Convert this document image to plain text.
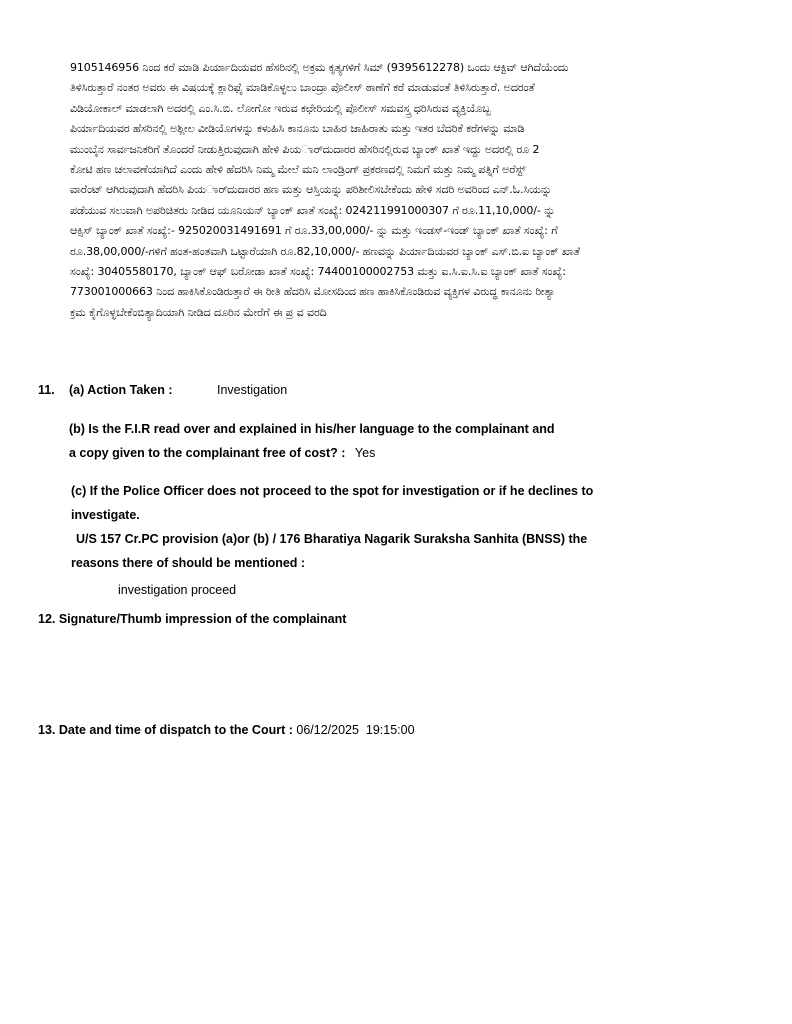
9105146956 ನಿಂದ ಕರೆ ಮಾಡಿ ಪಿರ್ಯಾದಿಯವರ ಹೆಸರಿನಲ್ಲಿ ಅಕ್ರಮ ಕೃತ್ಯಗಳಿಗೆ ಸಿಮ್ (9395612278) ಒಂದು ಆಕ್ಟಿವ್ ಆಗಿದೆಯೆಂದು
ತಿಳಿಸಿರುತ್ತಾರೆ ನಂತರ ಅವರು ಈ ವಿಷಯಕ್ಕೆ ಕ್ಲಾರಿಫೈ ಮಾಡಿಕೊಳ್ಳಲು ಬಾಂದ್ರಾ ಪೊಲೀಸ್ ಠಾಣೆಗೆ ಕರೆ ಮಾಡುವಂತೆ ತಿಳಿಸಿರುತ್ತಾರೆ. ಅದರಂತೆ
ವಿಡಿಯೋಕಾಲ್ ಮಾಡಲಾಗಿ ಅದರಲ್ಲಿ ಎಂ.ಸಿ.ಬಿ. ಲೋಗೋ ಇರುವ ಕಛೇರಿಯಲ್ಲಿ ಪೊಲೀಸ್ ಸಮವಸ್ತ್ರ ಧರಿಸಿರುವ ವ್ಯಕ್ತಿಯೊಬ್ಬ
ಪಿರ್ಯಾದಿಯವರ ಹೆಸರಿನಲ್ಲಿ ಅಶ್ಲೀಲ ವೀಡಿಯೊಗಳನ್ನು ಕಳುಹಿಸಿ ಕಾನೂನು ಬಾಹಿರ ಜಾಹಿರಾತು ಮತ್ತು ಇತರ ಬೆದರಿಕೆ ಕರೆಗಳನ್ನು ಮಾಡಿ
ಮುಂಬೈನ ಸಾರ್ವಜನಿಕರಿಗೆ ತೊಂದರೆ ನೀಡುತ್ತಿರುವುದಾಗಿ ಹೇಳಿ ಪಿಯರ್‌ಾದುದಾರರ ಹೆಸರಿನಲ್ಲಿರುವ ಬ್ಯಾಂಕ್ ಖಾತೆ ಇದ್ದು ಅದರಲ್ಲಿ ರೂ 2
ಕೋಟಿ ಹಣ ಚಲಾವಣೆಯಾಗಿದೆ ಎಂದು ಹೇಳಿ ಹೆದರಿಸಿ ನಿಮ್ಮ ಮೇಲೆ ಮನಿ ಲಾಂಡ್ರಿಂಗ್ ಪ್ರಕರಣದಲ್ಲಿ ನಿಮಗೆ ಮತ್ತು ನಿಮ್ಮ ಪತ್ನಿಗೆ ಅರೆಸ್ಟ್
ವಾರೆಂಟ್ ಆಗಿರುವುದಾಗಿ ಹೆದರಿಸಿ ಪಿಯರ್‌ಾದುದಾರರ ಹಣ ಮತ್ತು ಆಸ್ತಿಯನ್ನು ಪರಿಶೀಲಿಸಬೇಕೆಂದು ಹೇಳಿ ಸದರಿ ಅವರಿಂದ ಎನ್.ಓ.ಸಿಯನ್ನು
ಪಡೆಯುವ ಸಲುವಾಗಿ ಅಪರಿಚಿತರು ನೀಡಿದ ಯೂನಿಯನ್ ಬ್ಯಾಂಕ್ ಖಾತೆ ಸಂಖ್ಯೆ: 024211991000307 ಗೆ ರೂ.11,10,000/- ನ್ನು
ಆಕ್ಸಿಸ್ ಬ್ಯಾಂಕ್ ಖಾತೆ ಸಂಖ್ಯೆ:- 925020031491691 ಗೆ ರೂ.33,00,000/- ನ್ನು ಮತ್ತು ಇಂಡಸ್-ಇಂಡ್ ಬ್ಯಾಂಕ್ ಖಾತೆ ಸಂಖ್ಯೆ: ಗೆ
ರೂ.38,00,000/-ಗಳಿಗೆ ಹಂತ-ಹಂತವಾಗಿ ಒಟ್ಟಾರೆಯಾಗಿ ರೂ.82,10,000/- ಹಣವನ್ನು ಪಿರ್ಯಾದಿಯವರ ಬ್ಯಾಂಕ್ ಎಸ್.ಬಿ.ಐ ಬ್ಯಾಂಕ್ ಖಾತೆ
ಸಂಖ್ಯೆ: 30405580170, ಬ್ಯಾಂಕ್ ಆಫ್ ಬರೋಡಾ ಖಾತೆ ಸಂಖ್ಯೆ: 74400100002753 ಮತ್ತು ಐ.ಸಿ.ಐ.ಸಿ.ಐ ಬ್ಯಾಂಕ್ ಖಾತೆ ಸಂಖ್ಯೆ:
773001000663 ನಿಂದ ಹಾಕಿಸಿಕೊಂಡಿರುತ್ತಾರೆ ಈ ರೀತಿ ಹೆದರಿಸಿ ಮೋಸದಿಂದ ಹಣ ಹಾಕಿಸಿಕೊಂಡಿರುವ ವ್ಯಕ್ತಿಗಳ ವಿರುದ್ಧ ಕಾನೂನು ರೀತ್ಯಾ
ಕ್ರಮ ಕೈಗೊಳ್ಳಬೇಕೆಂಬಿತ್ಯಾದಿಯಾಗಿ ನೀಡಿದ ದೂರಿನ ಮೇರೆಗೆ ಈ ಪ್ರ ವ ವರದಿ
11. (a) Action Taken :	Investigation
(b) Is the F.I.R read over and explained in his/her language to the complainant and
a copy given to the complainant free of cost? : Yes
(c) If the Police Officer does not proceed to the spot for investigation or if he declines to
investigate.
U/S 157 Cr.PC provision (a)or (b) / 176 Bharatiya Nagarik Suraksha Sanhita (BNSS) the
reasons there of should be mentioned :
investigation proceed
12. Signature/Thumb impression of the complainant
13. Date and time of dispatch to the Court : 06/12/2025  19:15:00
